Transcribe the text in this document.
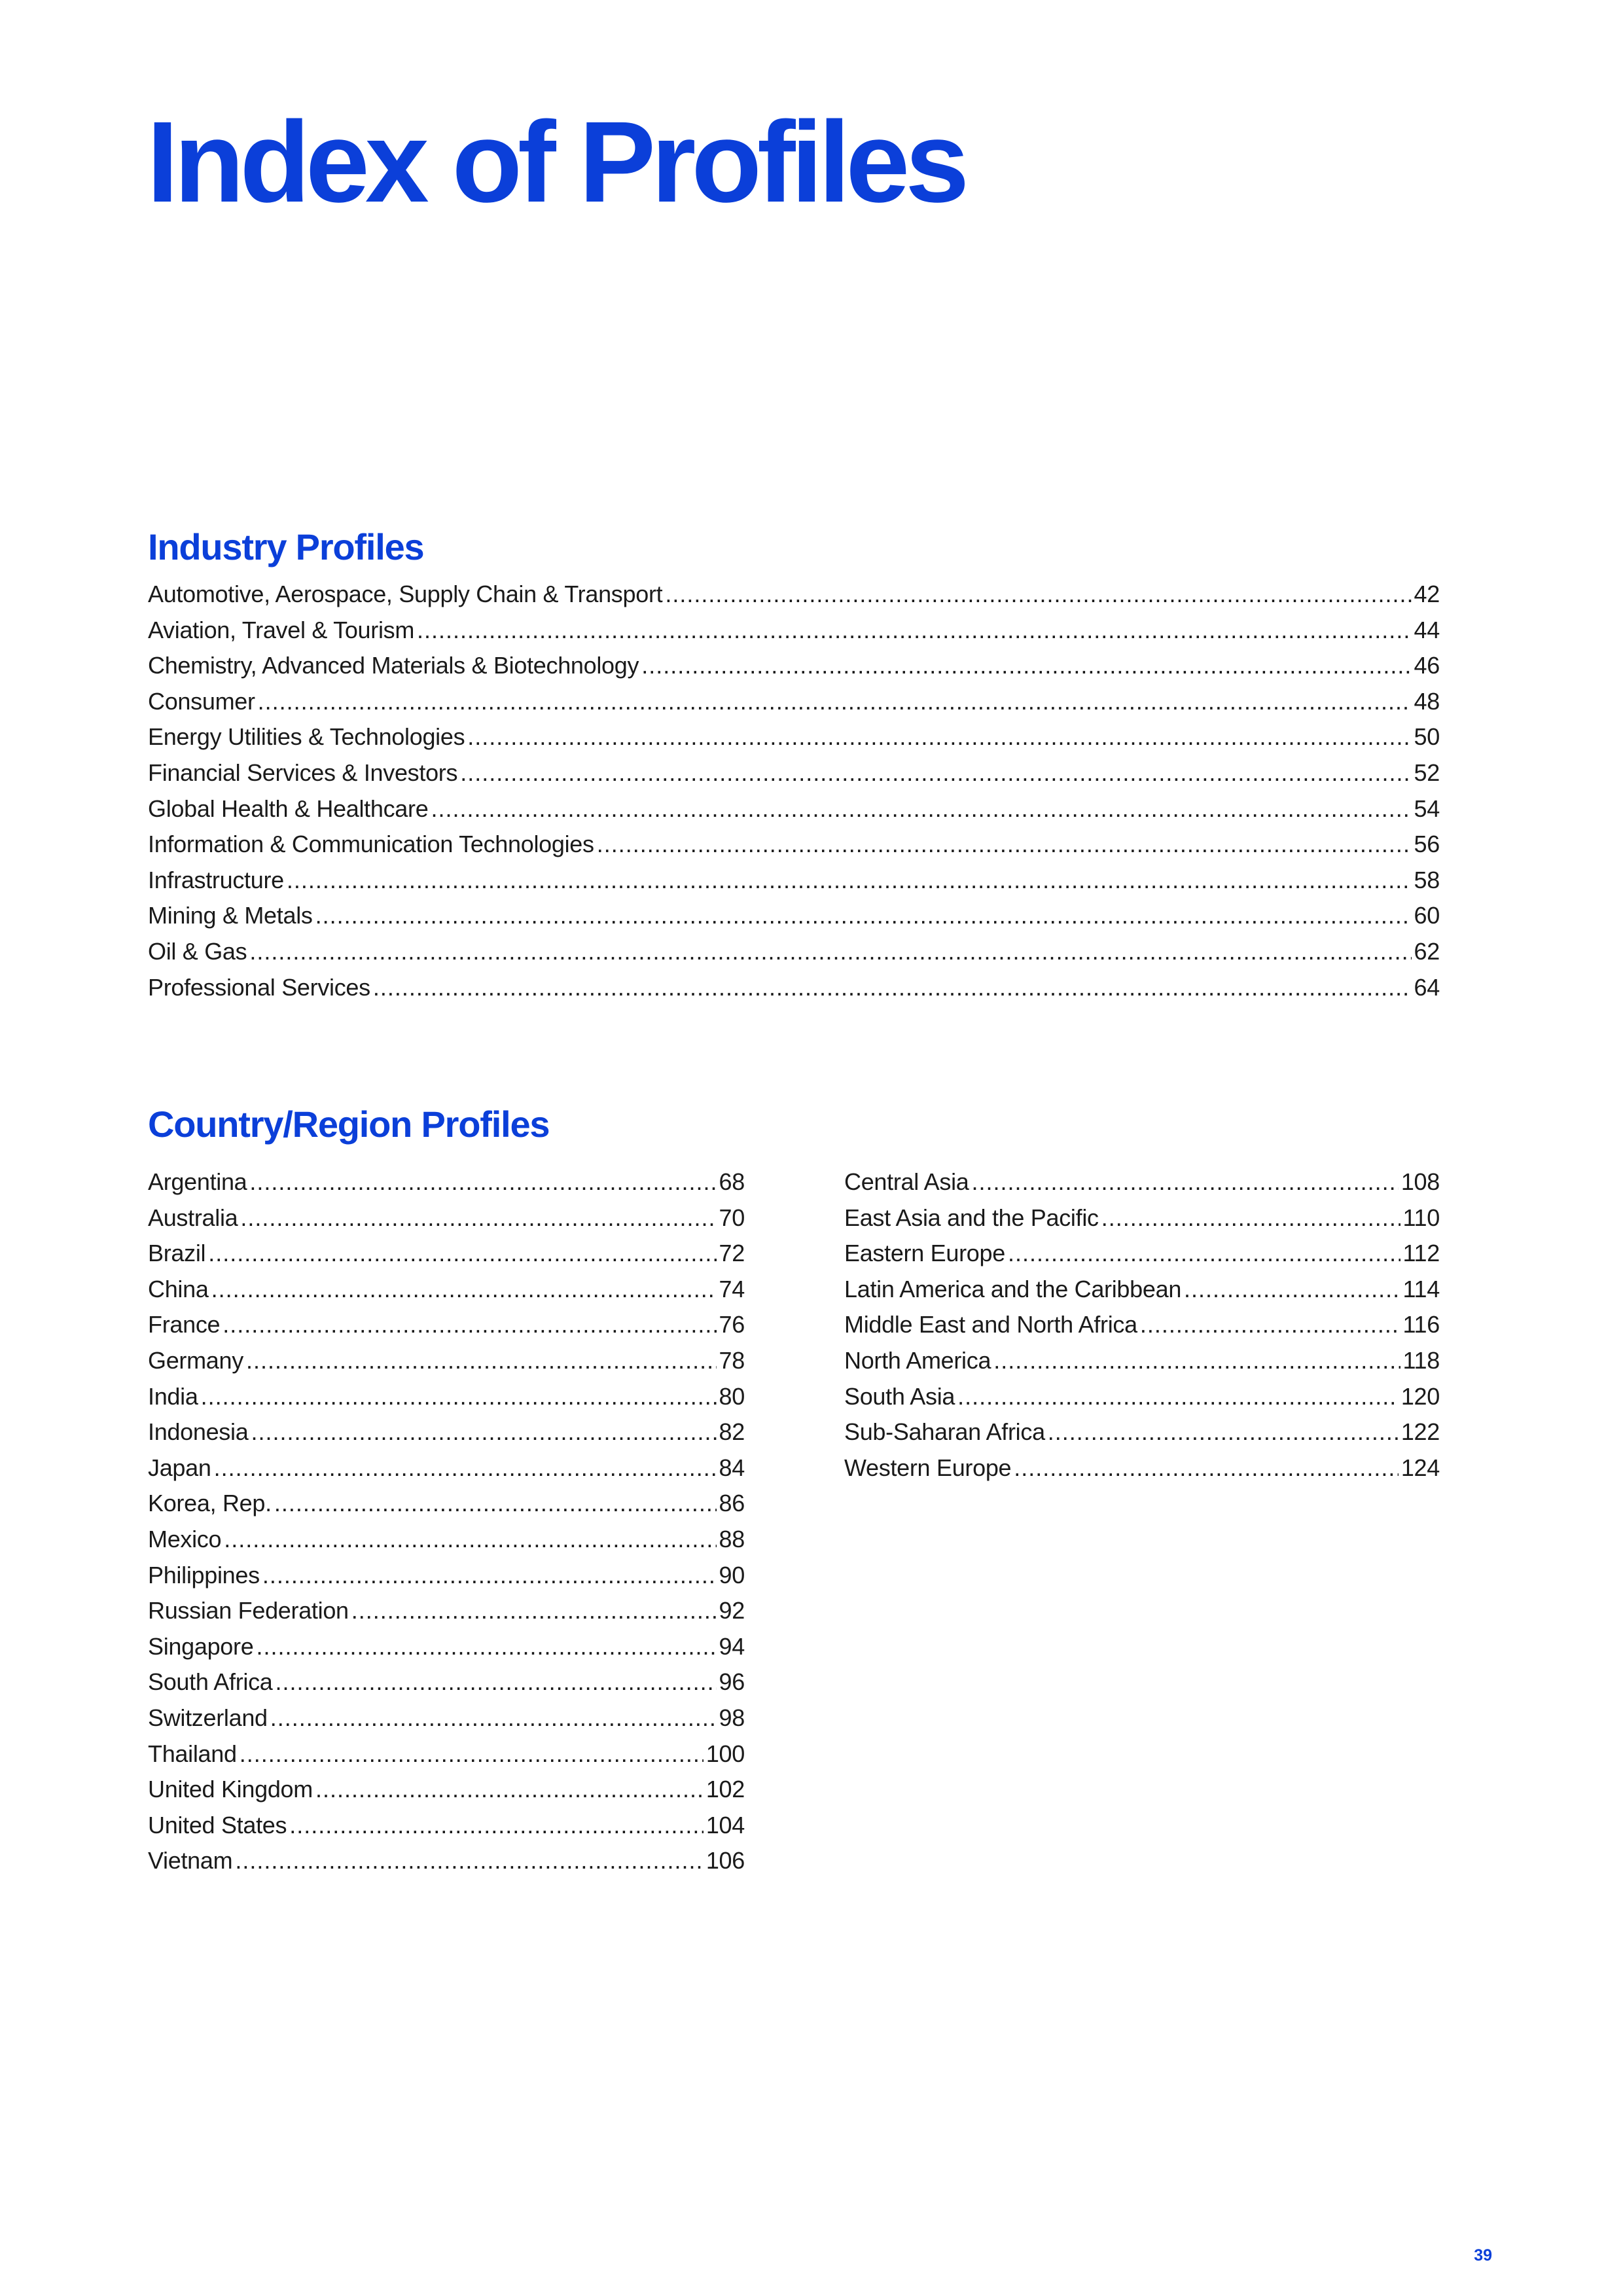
Index of Profiles
Industry Profiles
Automotive, Aerospace, Supply Chain & Transport .....	42
Aviation, Travel & Tourism .....	44
Chemistry, Advanced Materials & Biotechnology .....	46
Consumer .....	48
Energy Utilities & Technologies .....	50
Financial Services & Investors .....	52
Global Health & Healthcare .....	54
Information & Communication Technologies .....	56
Infrastructure .....	58
Mining & Metals .....	60
Oil & Gas .....	62
Professional Services .....	64
Country/Region Profiles
Argentina .....	68
Australia .....	70
Brazil .....	72
China .....	74
France .....	76
Germany .....	78
India .....	80
Indonesia .....	82
Japan .....	84
Korea, Rep. .....	86
Mexico .....	88
Philippines .....	90
Russian Federation .....	92
Singapore .....	94
South Africa .....	96
Switzerland .....	98
Thailand .....	100
United Kingdom .....	102
United States .....	104
Vietnam .....	106
Central Asia .....	108
East Asia and the Pacific .....	110
Eastern Europe .....	112
Latin America and the Caribbean .....	114
Middle East and North Africa .....	116
North America .....	118
South Asia .....	120
Sub-Saharan Africa .....	122
Western Europe .....	124
39
